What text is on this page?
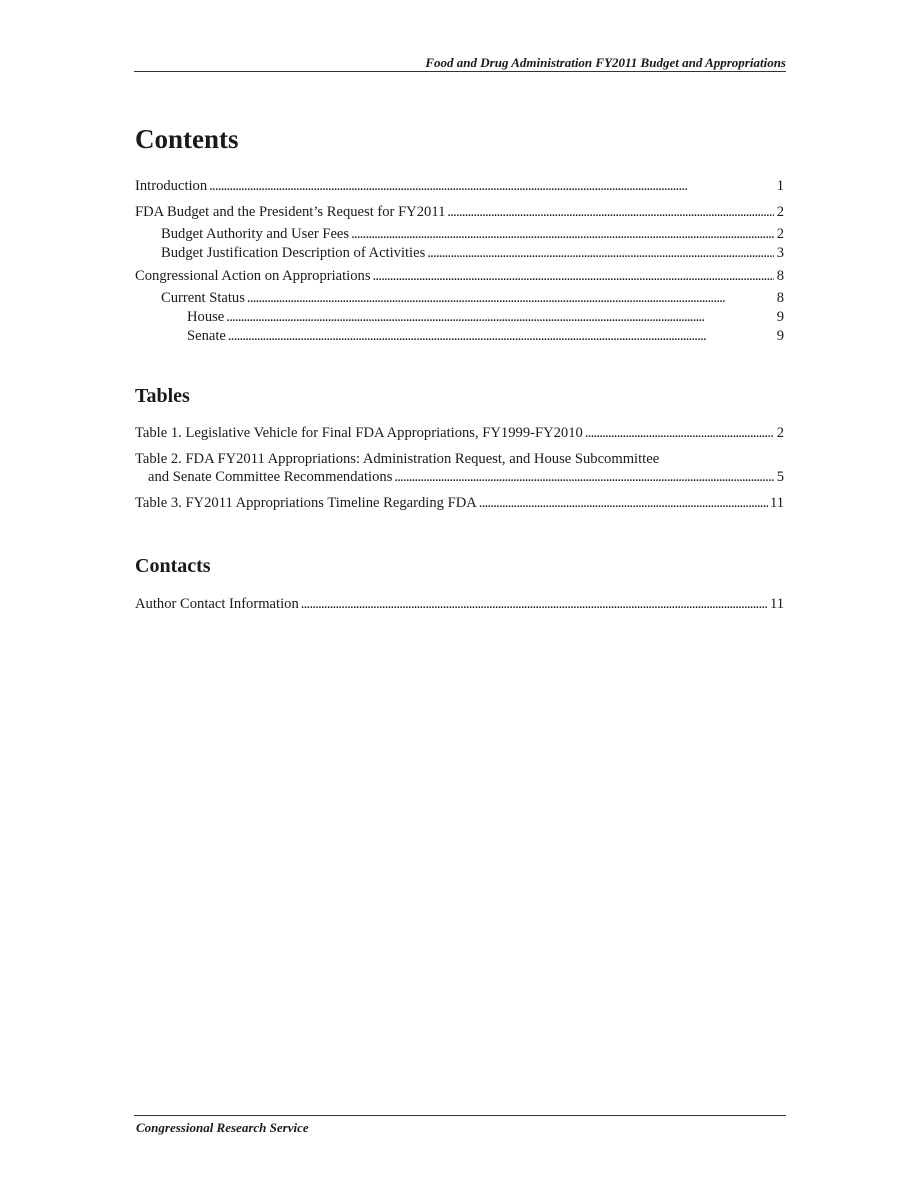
Food and Drug Administration FY2011 Budget and Appropriations
Contents
Introduction . . .	1
FDA Budget and the President’s Request for FY2011 . . .	2
Budget Authority and User Fees . . .	2
Budget Justification Description of Activities . . .	3
Congressional Action on Appropriations . . .	8
Current Status . . .	8
House . . .	9
Senate . . .	9
Tables
Table 1. Legislative Vehicle for Final FDA Appropriations, FY1999-FY2010 . . .	2
Table 2. FDA FY2011 Appropriations: Administration Request, and House Subcommittee
and Senate Committee Recommendations . . .	5
Table 3. FY2011 Appropriations Timeline Regarding FDA . . .	11
Contacts
Author Contact Information . . .	11
Congressional Research Service
